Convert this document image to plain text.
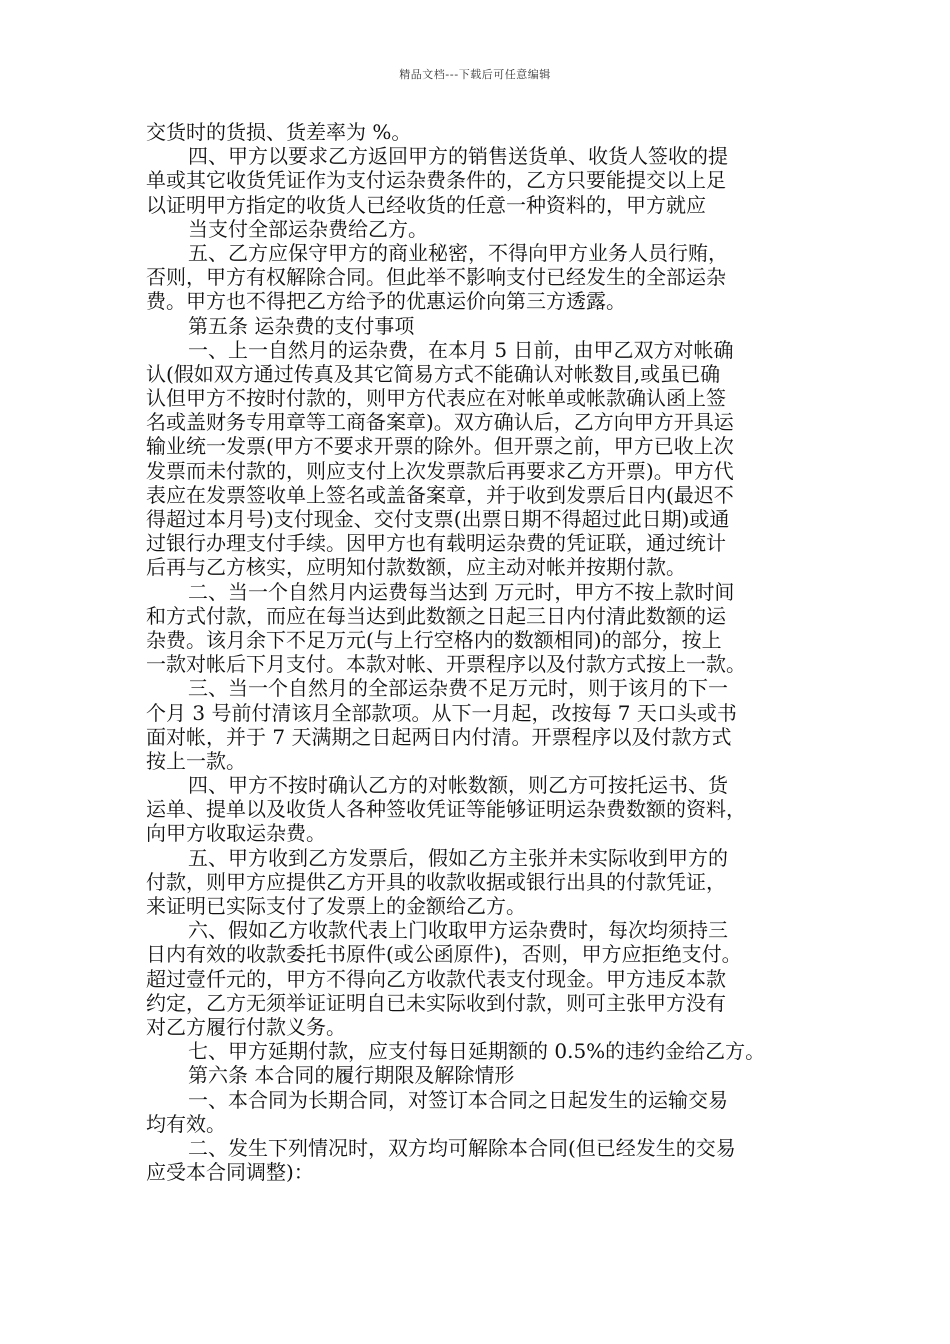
精品文档---下载后可任意编辑
交货时的货损、货差率为 %。
四、甲方以要求乙方返回甲方的销售送货单、收货人签收的提
单或其它收货凭证作为支付运杂费条件的，乙方只要能提交以上足
以证明甲方指定的收货人已经收货的任意一种资料的，甲方就应
当支付全部运杂费给乙方。
五、乙方应保守甲方的商业秘密，不得向甲方业务人员行贿，
否则，甲方有权解除合同。但此举不影响支付已经发生的全部运杂
费。甲方也不得把乙方给予的优惠运价向第三方透露。
第五条 运杂费的支付事项
一、上一自然月的运杂费，在本月 5 日前，由甲乙双方对帐确
认(假如双方通过传真及其它简易方式不能确认对帐数目,或虽已确
认但甲方不按时付款的，则甲方代表应在对帐单或帐款确认函上签
名或盖财务专用章等工商备案章)。双方确认后，乙方向甲方开具运
输业统一发票(甲方不要求开票的除外。但开票之前，甲方已收上次
发票而未付款的，则应支付上次发票款后再要求乙方开票)。甲方代
表应在发票签收单上签名或盖备案章，并于收到发票后日内(最迟不
得超过本月号)支付现金、交付支票(出票日期不得超过此日期)或通
过银行办理支付手续。因甲方也有载明运杂费的凭证联，通过统计
后再与乙方核实，应明知付款数额，应主动对帐并按期付款。
二、当一个自然月内运费每当达到 万元时，甲方不按上款时间
和方式付款，而应在每当达到此数额之日起三日内付清此数额的运
杂费。该月余下不足万元(与上行空格内的数额相同)的部分，按上
一款对帐后下月支付。本款对帐、开票程序以及付款方式按上一款。
三、当一个自然月的全部运杂费不足万元时，则于该月的下一
个月 3 号前付清该月全部款项。从下一月起，改按每 7 天口头或书
面对帐，并于 7 天满期之日起两日内付清。开票程序以及付款方式
按上一款。
四、甲方不按时确认乙方的对帐数额，则乙方可按托运书、货
运单、提单以及收货人各种签收凭证等能够证明运杂费数额的资料，
向甲方收取运杂费。
五、甲方收到乙方发票后，假如乙方主张并未实际收到甲方的
付款，则甲方应提供乙方开具的收款收据或银行出具的付款凭证，
来证明已实际支付了发票上的金额给乙方。
六、假如乙方收款代表上门收取甲方运杂费时，每次均须持三
日内有效的收款委托书原件(或公函原件)，否则，甲方应拒绝支付。
超过壹仟元的，甲方不得向乙方收款代表支付现金。甲方违反本款
约定，乙方无须举证证明自已未实际收到付款，则可主张甲方没有
对乙方履行付款义务。
七、甲方延期付款，应支付每日延期额的 0.5%的违约金给乙方。
第六条 本合同的履行期限及解除情形
一、本合同为长期合同，对签订本合同之日起发生的运输交易
均有效。
二、发生下列情况时，双方均可解除本合同(但已经发生的交易
应受本合同调整)：
